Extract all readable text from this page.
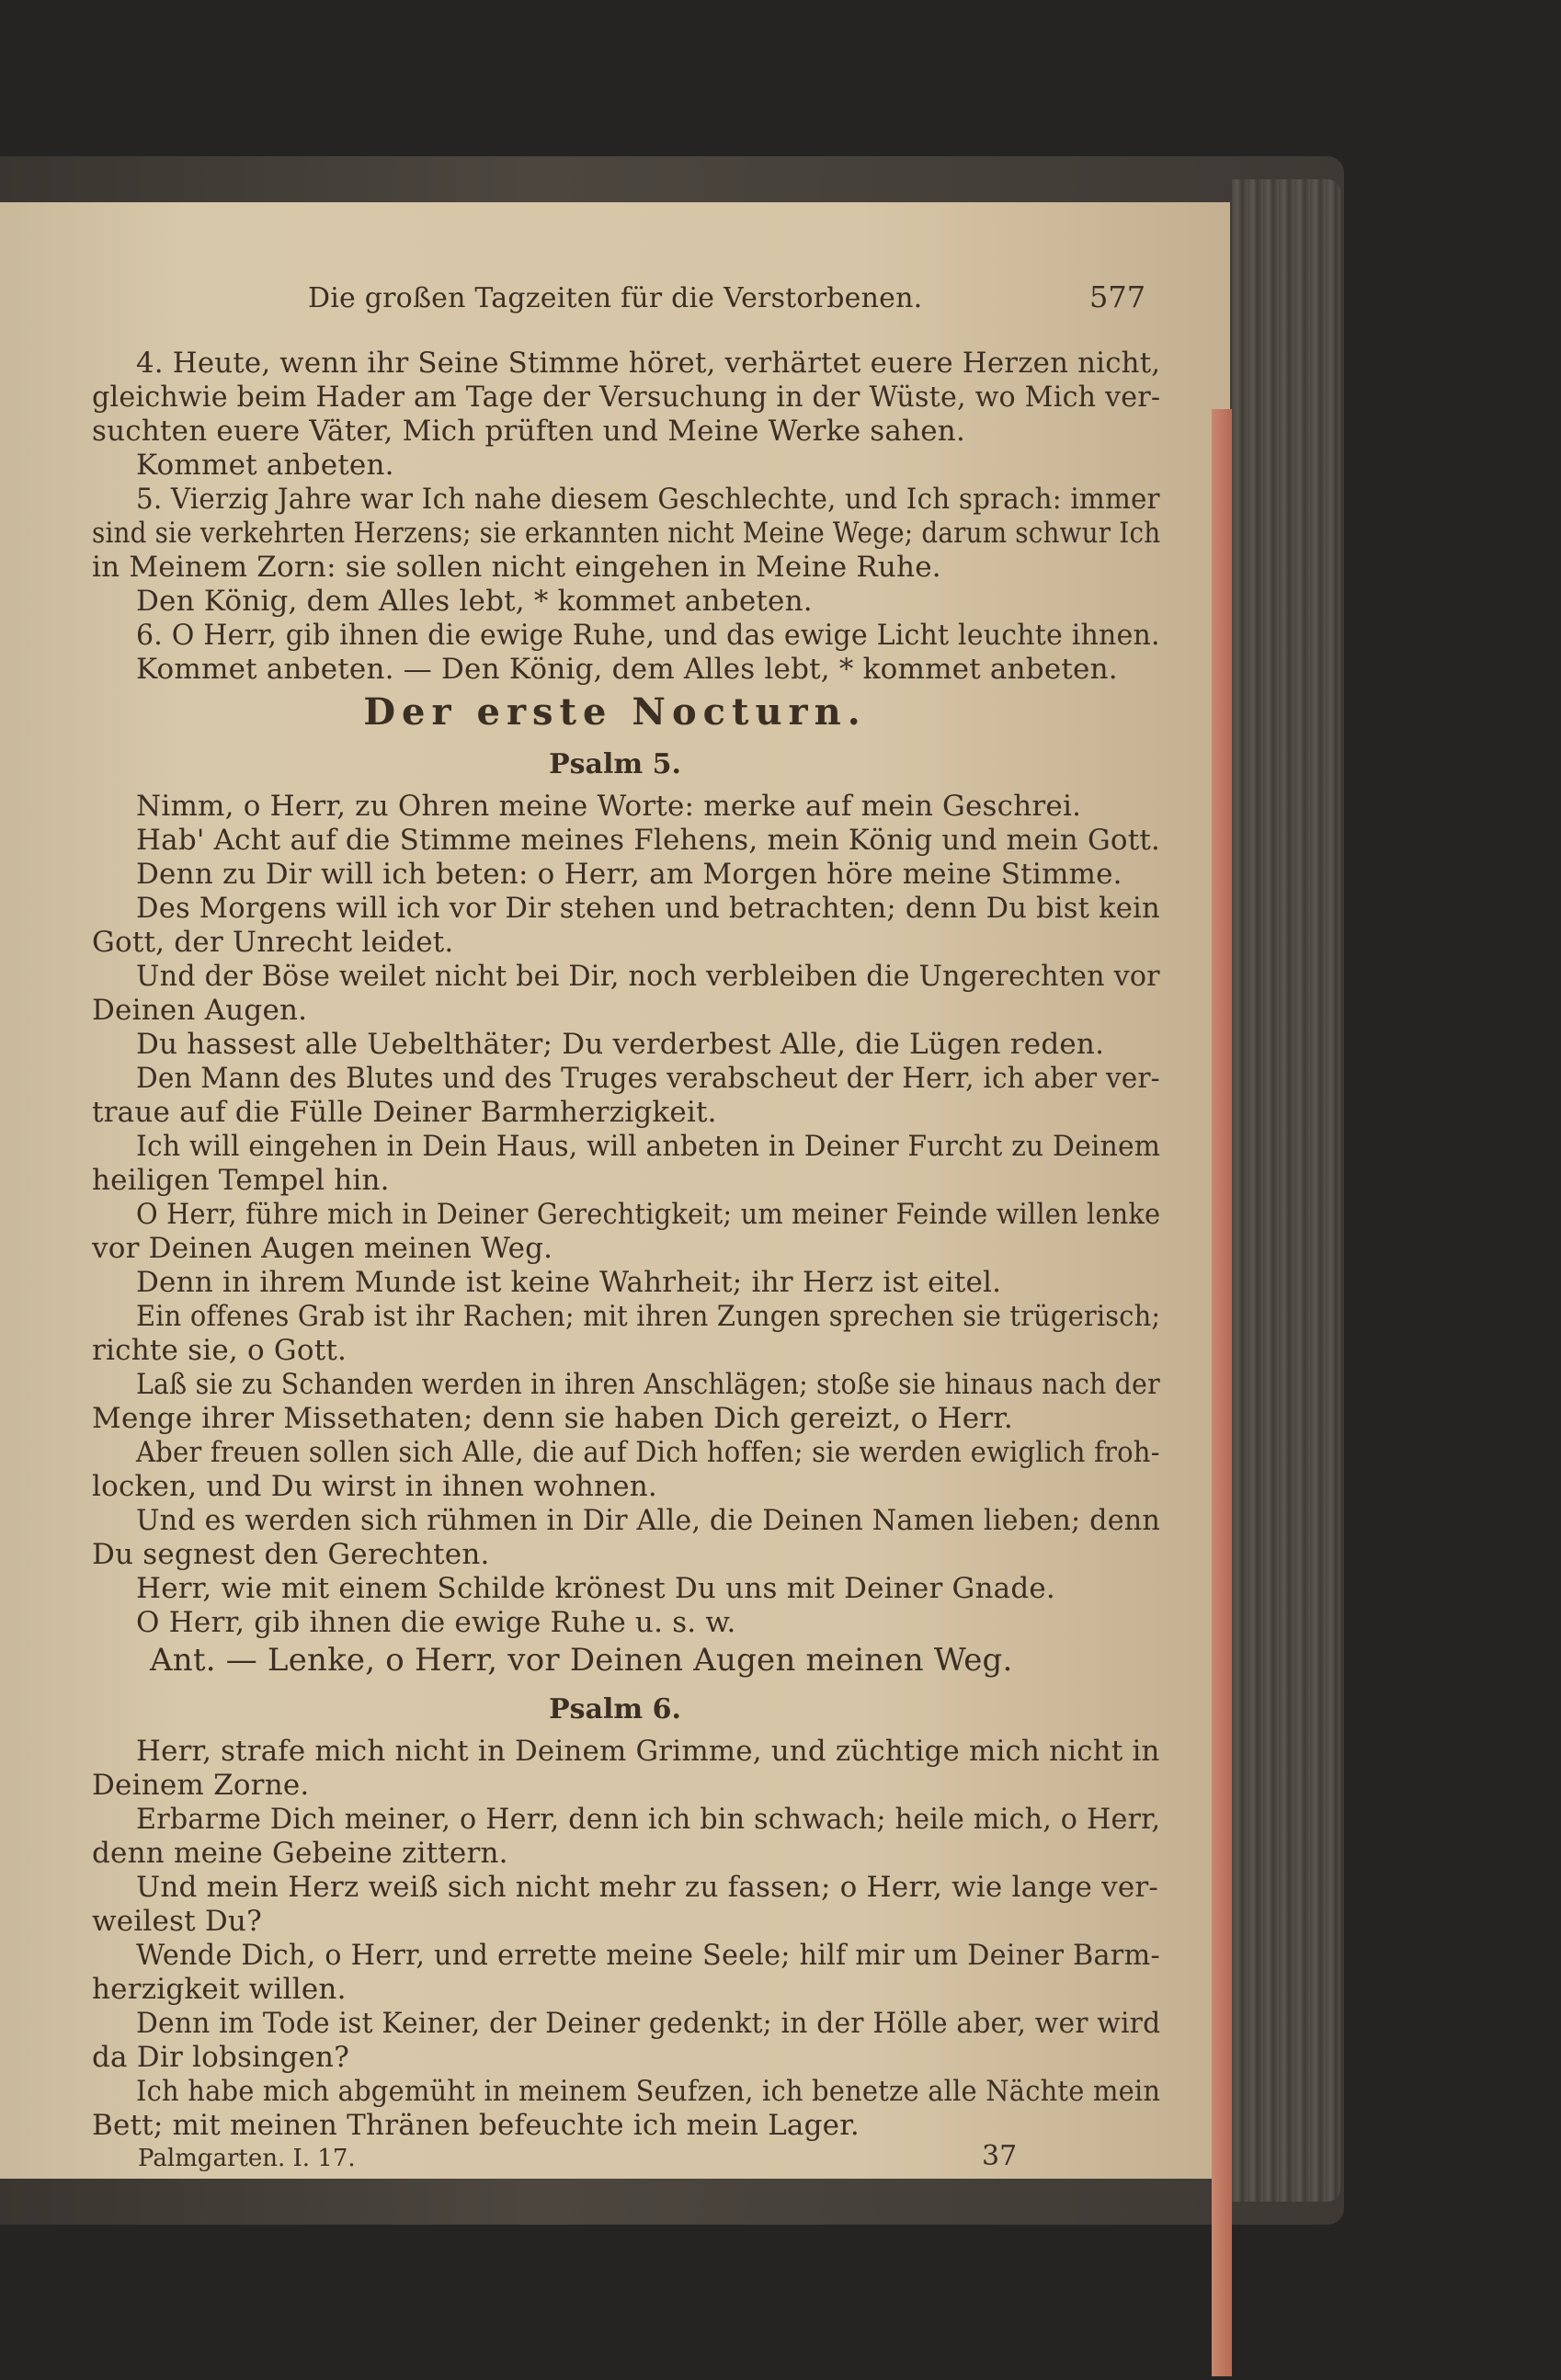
Die großen Tagzeiten für die Verstorbenen.	577
4. Heute, wenn ihr Seine Stimme höret, verhärtet euere Herzen nicht,
gleichwie beim Hader am Tage der Versuchung in der Wüste, wo Mich ver-
suchten euere Väter, Mich prüften und Meine Werke sahen.
Kommet anbeten.
5. Vierzig Jahre war Ich nahe diesem Geschlechte, und Ich sprach: immer
sind sie verkehrten Herzens; sie erkannten nicht Meine Wege; darum schwur Ich
in Meinem Zorn: sie sollen nicht eingehen in Meine Ruhe.
Den König, dem Alles lebt, * kommet anbeten.
6. O Herr, gib ihnen die ewige Ruhe, und das ewige Licht leuchte ihnen.
Kommet anbeten. — Den König, dem Alles lebt, * kommet anbeten.
Der erste Nocturn.
Psalm 5.
Nimm, o Herr, zu Ohren meine Worte: merke auf mein Geschrei.
Hab' Acht auf die Stimme meines Flehens, mein König und mein Gott.
Denn zu Dir will ich beten: o Herr, am Morgen höre meine Stimme.
Des Morgens will ich vor Dir stehen und betrachten; denn Du bist kein
Gott, der Unrecht leidet.
Und der Böse weilet nicht bei Dir, noch verbleiben die Ungerechten vor
Deinen Augen.
Du hassest alle Uebelthäter; Du verderbest Alle, die Lügen reden.
Den Mann des Blutes und des Truges verabscheut der Herr, ich aber ver-
traue auf die Fülle Deiner Barmherzigkeit.
Ich will eingehen in Dein Haus, will anbeten in Deiner Furcht zu Deinem
heiligen Tempel hin.
O Herr, führe mich in Deiner Gerechtigkeit; um meiner Feinde willen lenke
vor Deinen Augen meinen Weg.
Denn in ihrem Munde ist keine Wahrheit; ihr Herz ist eitel.
Ein offenes Grab ist ihr Rachen; mit ihren Zungen sprechen sie trügerisch;
richte sie, o Gott.
Laß sie zu Schanden werden in ihren Anschlägen; stoße sie hinaus nach der
Menge ihrer Missethaten; denn sie haben Dich gereizt, o Herr.
Aber freuen sollen sich Alle, die auf Dich hoffen; sie werden ewiglich froh-
locken, und Du wirst in ihnen wohnen.
Und es werden sich rühmen in Dir Alle, die Deinen Namen lieben; denn
Du segnest den Gerechten.
Herr, wie mit einem Schilde krönest Du uns mit Deiner Gnade.
O Herr, gib ihnen die ewige Ruhe u. s. w.
Ant. — Lenke, o Herr, vor Deinen Augen meinen Weg.
Psalm 6.
Herr, strafe mich nicht in Deinem Grimme, und züchtige mich nicht in
Deinem Zorne.
Erbarme Dich meiner, o Herr, denn ich bin schwach; heile mich, o Herr,
denn meine Gebeine zittern.
Und mein Herz weiß sich nicht mehr zu fassen; o Herr, wie lange ver-
weilest Du?
Wende Dich, o Herr, und errette meine Seele; hilf mir um Deiner Barm-
herzigkeit willen.
Denn im Tode ist Keiner, der Deiner gedenkt; in der Hölle aber, wer wird
da Dir lobsingen?
Ich habe mich abgemüht in meinem Seufzen, ich benetze alle Nächte mein
Bett; mit meinen Thränen befeuchte ich mein Lager.
Palmgarten. I. 17.	37
